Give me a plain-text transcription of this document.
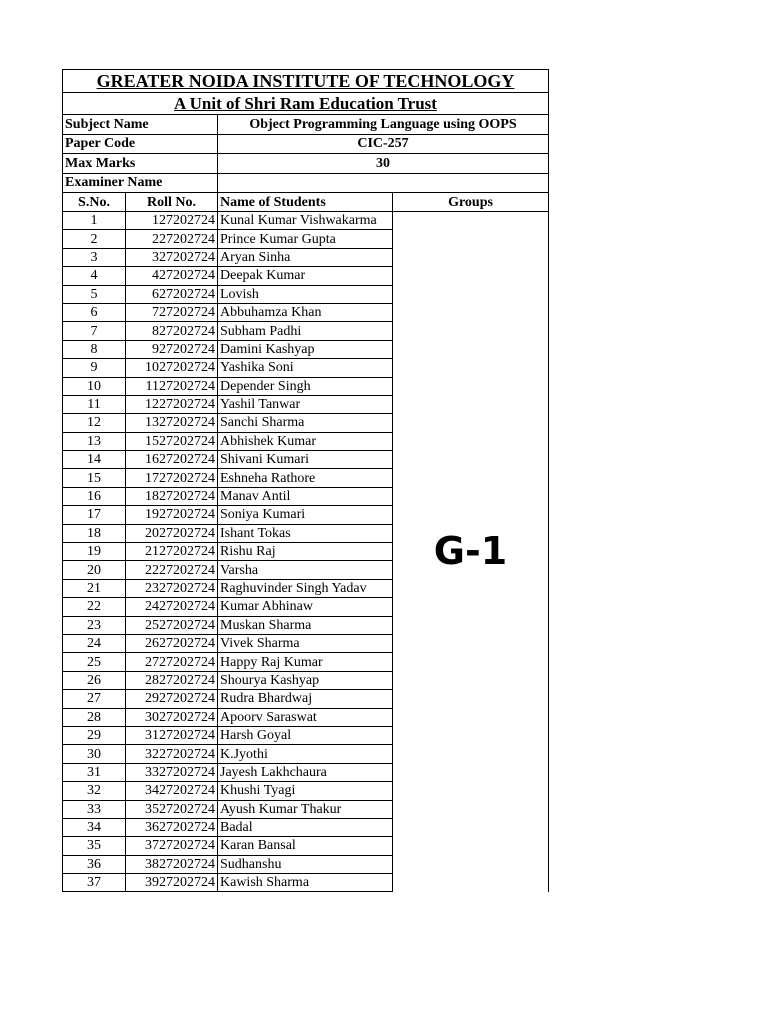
GREATER NOIDA INSTITUTE OF TECHNOLOGY			
A Unit of Shri Ram Education Trust			
Subject Name		Object Programming Language using OOPS	
Paper Code		CIC-257	
Max Marks		30	
Examiner Name			
S.No.	Roll No.	Name of Students	Groups
1	127202724	Kunal Kumar Vishwakarma	G-1
2	227202724	Prince Kumar Gupta	
3	327202724	Aryan Sinha	
4	427202724	Deepak Kumar	
5	627202724	Lovish	
6	727202724	Abbuhamza Khan	
7	827202724	Subham Padhi	
8	927202724	Damini Kashyap	
9	1027202724	Yashika Soni	
10	1127202724	Depender Singh	
11	1227202724	Yashil Tanwar	
12	1327202724	Sanchi Sharma	
13	1527202724	Abhishek Kumar	
14	1627202724	Shivani Kumari	
15	1727202724	Eshneha Rathore	
16	1827202724	Manav Antil	
17	1927202724	Soniya Kumari	
18	2027202724	Ishant Tokas	
19	2127202724	Rishu Raj	
20	2227202724	Varsha	
21	2327202724	Raghuvinder Singh Yadav	
22	2427202724	Kumar Abhinaw	
23	2527202724	Muskan Sharma	
24	2627202724	Vivek Sharma	
25	2727202724	Happy Raj Kumar	
26	2827202724	Shourya Kashyap	
27	2927202724	Rudra Bhardwaj	
28	3027202724	Apoorv Saraswat	
29	3127202724	Harsh Goyal	
30	3227202724	K.Jyothi	
31	3327202724	Jayesh Lakhchaura	
32	3427202724	Khushi Tyagi	
33	3527202724	Ayush Kumar Thakur	
34	3627202724	Badal	
35	3727202724	Karan Bansal	
36	3827202724	Sudhanshu	
37	3927202724	Kawish Sharma	
